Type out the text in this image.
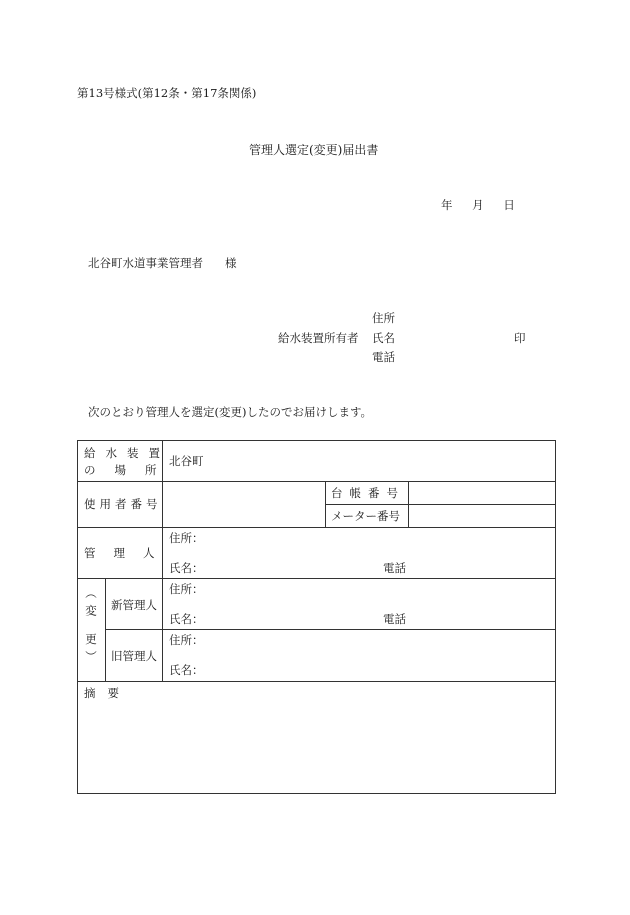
第13号様式(第12条・第17条関係)
管理人選定(変更)届出書
年 月 日
北谷町水道事業管理者 様
給水装置所有者
住所
氏名
電話
印
次のとおり管理人を選定(変更)したのでお届けします。
給水装置
の場所
北谷町
使用者番号
台帳番号
メーター番号
管理人
住所：
氏名：	電話
（変
更）
新管理人
住所：
氏名：	電話
旧管理人
住所：
氏名：
摘要
